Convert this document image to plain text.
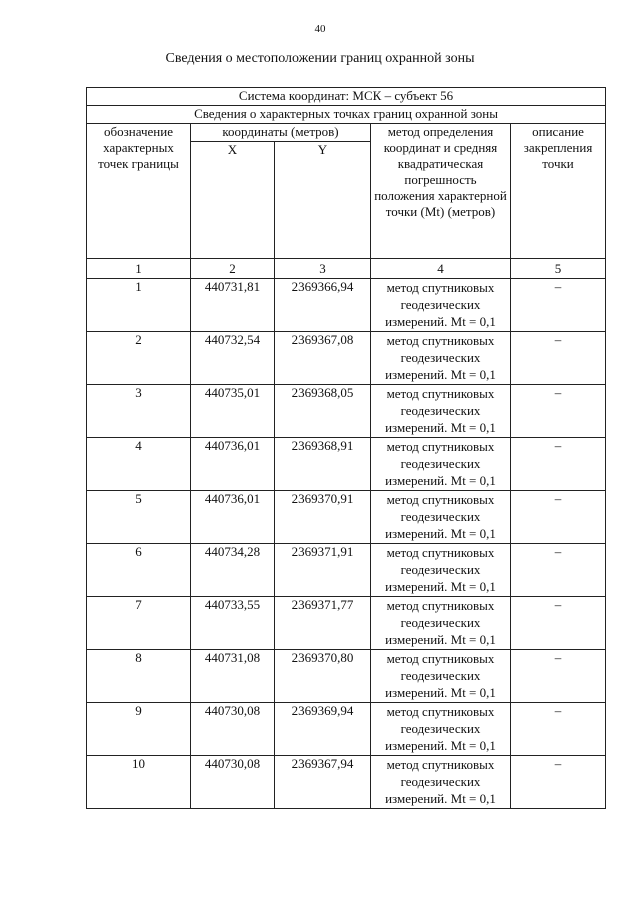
40
Сведения о местоположении границ охранной зоны
Система координат: МСК – субъект 56				
Сведения о характерных точках границ охранной зоны				
обозначение характерных точек границы	координаты (метров)		метод определения координат и средняя квадратическая погрешность положения характерной точки (Mt) (метров)	описание закрепления точки

	X	Y		

1	2	3	4	5
1	440731,81	2369366,94	метод спутниковых геодезических измерений. Mt = 0,1	–
2	440732,54	2369367,08	метод спутниковых геодезических измерений. Mt = 0,1	–
3	440735,01	2369368,05	метод спутниковых геодезических измерений. Mt = 0,1	–
4	440736,01	2369368,91	метод спутниковых геодезических измерений. Mt = 0,1	–
5	440736,01	2369370,91	метод спутниковых геодезических измерений. Mt = 0,1	–
6	440734,28	2369371,91	метод спутниковых геодезических измерений. Mt = 0,1	–
7	440733,55	2369371,77	метод спутниковых геодезических измерений. Mt = 0,1	–
8	440731,08	2369370,80	метод спутниковых геодезических измерений. Mt = 0,1	–
9	440730,08	2369369,94	метод спутниковых геодезических измерений. Mt = 0,1	–
10	440730,08	2369367,94	метод спутниковых геодезических измерений. Mt = 0,1	–
